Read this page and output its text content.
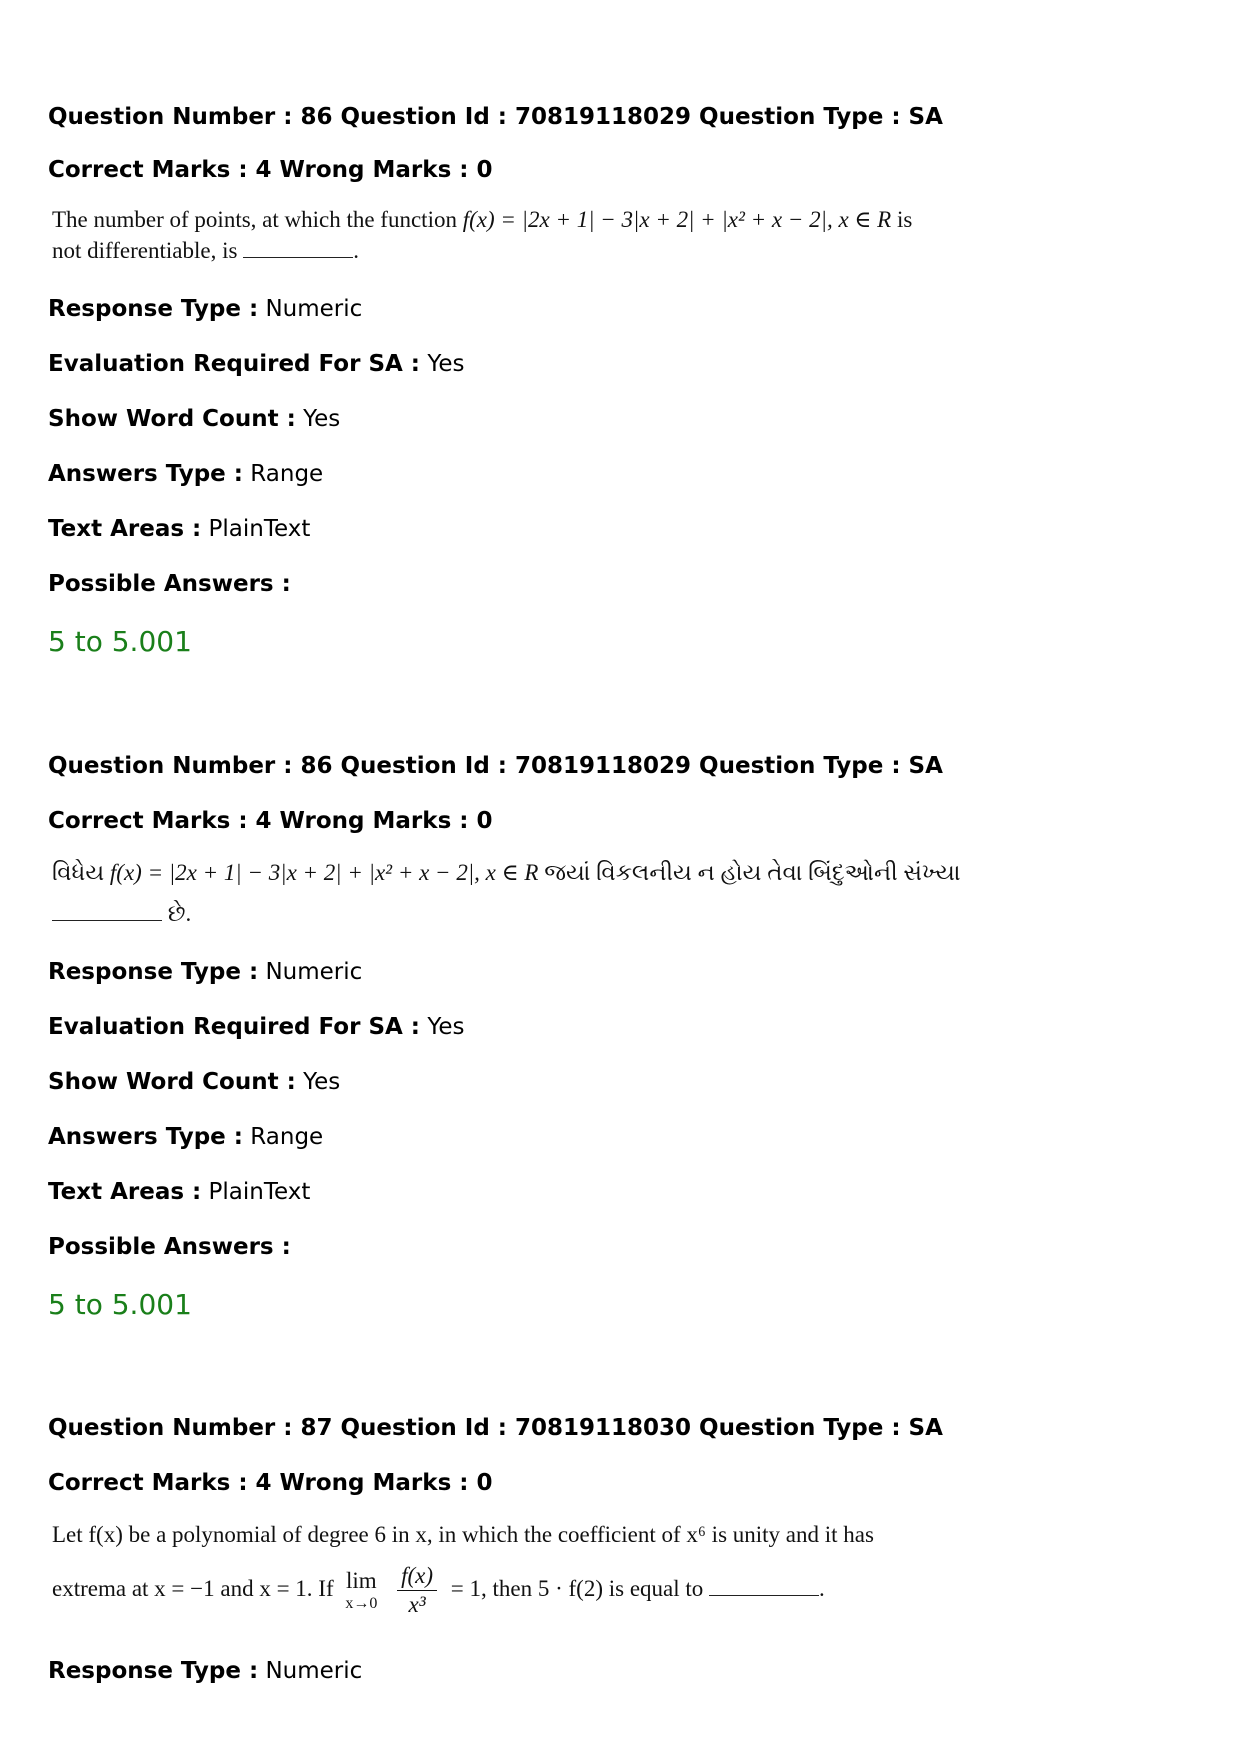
Question Number : 86 Question Id : 70819118029 Question Type : SA
Correct Marks : 4 Wrong Marks : 0
The number of points, at which the function f(x) = |2x + 1| − 3|x + 2| + |x² + x − 2|, x ∈ R is
not differentiable, is	.
Response Type : Numeric
Evaluation Required For SA : Yes
Show Word Count : Yes
Answers Type : Range
Text Areas : PlainText
Possible Answers :
5 to 5.001
Question Number : 86 Question Id : 70819118029 Question Type : SA
Correct Marks : 4 Wrong Marks : 0
વિધેય f(x) = |2x + 1| − 3|x + 2| + |x² + x − 2|, x ∈ R જયાં વિકલનીય ન હોય તેવા બિંદુઓની સંખ્યા
છે.
Response Type : Numeric
Evaluation Required For SA : Yes
Show Word Count : Yes
Answers Type : Range
Text Areas : PlainText
Possible Answers :
5 to 5.001
Question Number : 87 Question Id : 70819118030 Question Type : SA
Correct Marks : 4 Wrong Marks : 0
Let f(x) be a polynomial of degree 6 in x, in which the coefficient of x⁶ is unity and it has
extrema at x = −1 and x = 1. If lim
x→0
$\frac{f(x)}{\text{x³}} = 1$, then 5 · f(2) is equal to	.
Response Type : Numeric
